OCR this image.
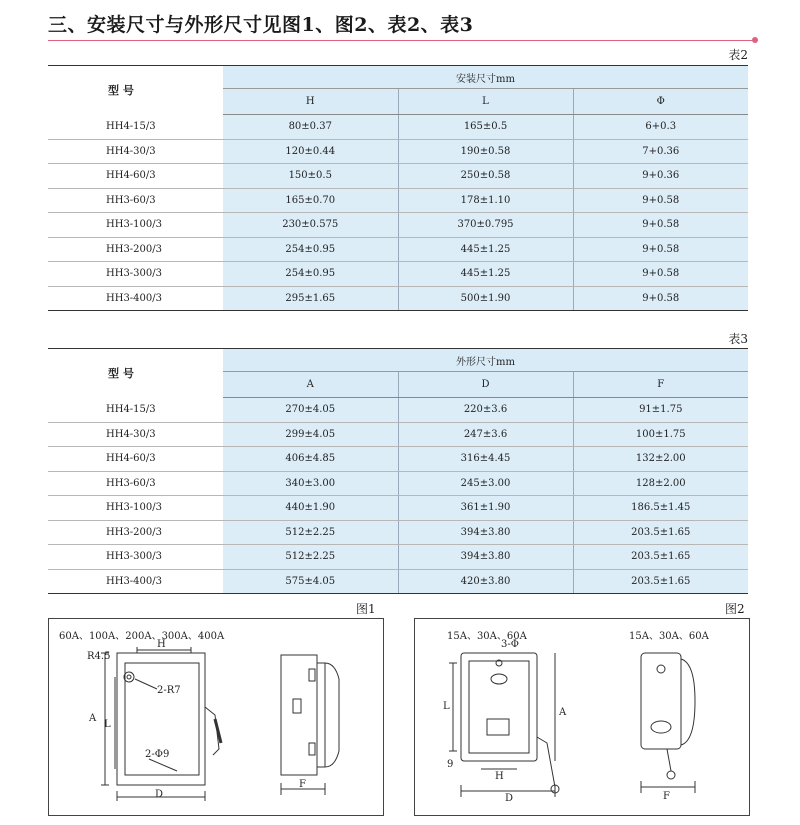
三、安装尺寸与外形尺寸见图1、图2、表2、表3
表2
型 号	安装尺寸mm		
	H	L	Φ
HH4-15/3	80±0.37	165±0.5	6+0.3
HH4-30/3	120±0.44	190±0.58	7+0.36
HH4-60/3	150±0.5	250±0.58	9+0.36
HH3-60/3	165±0.70	178±1.10	9+0.58
HH3-100/3	230±0.575	370±0.795	9+0.58
HH3-200/3	254±0.95	445±1.25	9+0.58
HH3-300/3	254±0.95	445±1.25	9+0.58
HH3-400/3	295±1.65	500±1.90	9+0.58
表3
型 号	外形尺寸mm		
	A	D	F
HH4-15/3	270±4.05	220±3.6	91±1.75
HH4-30/3	299±4.05	247±3.6	100±1.75
HH4-60/3	406±4.85	316±4.45	132±2.00
HH3-60/3	340±3.00	245±3.00	128±2.00
HH3-100/3	440±1.90	361±1.90	186.5±1.45
HH3-200/3	512±2.25	394±3.80	203.5±1.65
HH3-300/3	512±2.25	394±3.80	203.5±1.65
HH3-400/3	575±4.05	420±3.80	203.5±1.65
图1
60A、100A、200A、300A、400A
R4.5
H
A
L
2-R7
2-Φ9
D
F
图2
15A、30A、60A	15A、30A、60A
3-Φ
L
A
H
D
9
F
